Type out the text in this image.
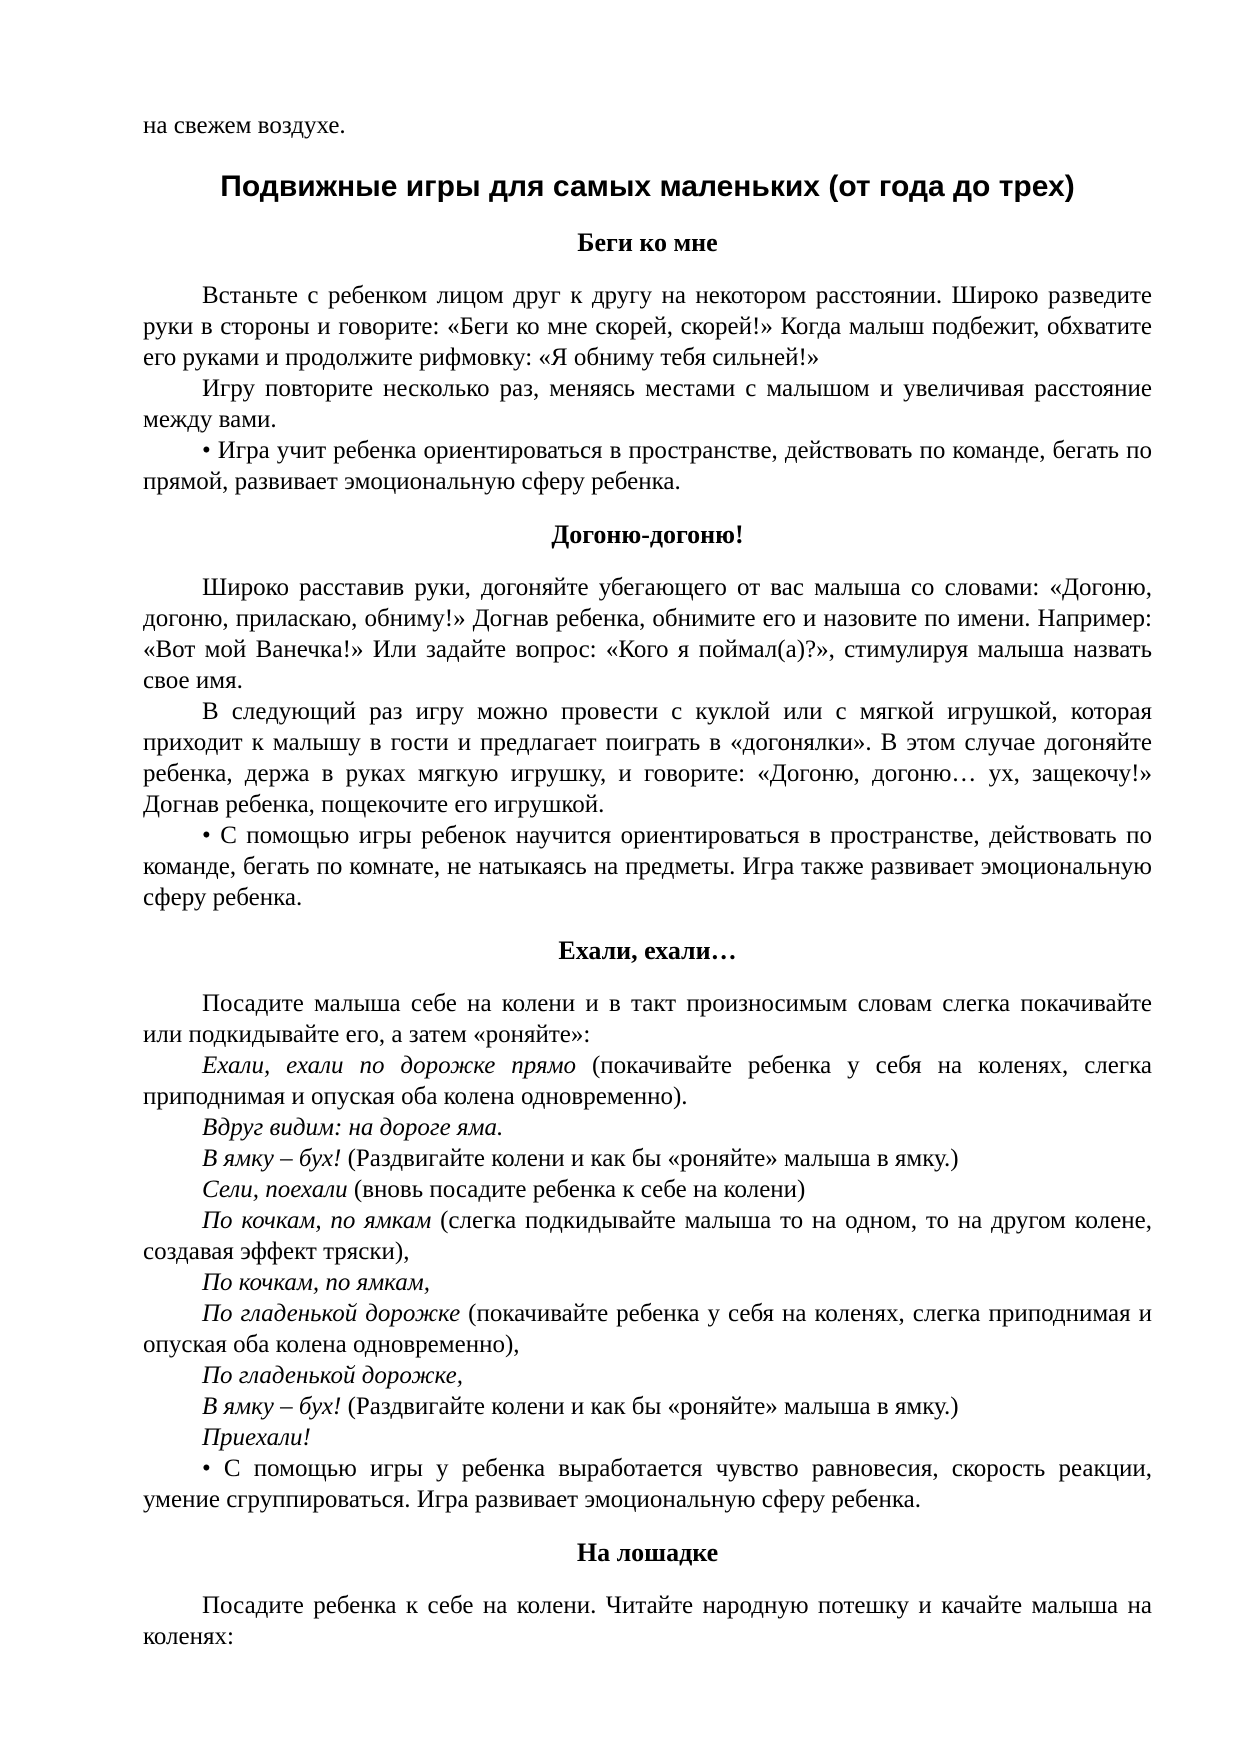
на свежем воздухе.

Подвижные игры для самых маленьких (от года до трех)
Беги ко мне

Встаньте с ребенком лицом друг к другу на некотором расстоянии. Широко разведите руки в стороны и говорите: «Беги ко мне скорей, скорей!» Когда малыш подбежит, обхватите его руками и продолжите рифмовку: «Я обниму тебя сильней!»

Игру повторите несколько раз, меняясь местами с малышом и увеличивая расстояние между вами.

• Игра учит ребенка ориентироваться в пространстве, действовать по команде, бегать по прямой, развивает эмоциональную сферу ребенка.

Догоню-догоню!

Широко расставив руки, догоняйте убегающего от вас малыша со словами: «Догоню, догоню, приласкаю, обниму!» Догнав ребенка, обнимите его и назовите по имени. Например: «Вот мой Ванечка!» Или задайте вопрос: «Кого я поймал(а)?», стимулируя малыша назвать свое имя.

В следующий раз игру можно провести с куклой или с мягкой игрушкой, которая приходит к малышу в гости и предлагает поиграть в «догонялки». В этом случае догоняйте ребенка, держа в руках мягкую игрушку, и говорите: «Догоню, догоню… ух, защекочу!» Догнав ребенка, пощекочите его игрушкой.

• С помощью игры ребенок научится ориентироваться в пространстве, действовать по команде, бегать по комнате, не натыкаясь на предметы. Игра также развивает эмоциональную сферу ребенка.

Ехали, ехали…

Посадите малыша себе на колени и в такт произносимым словам слегка покачивайте или подкидывайте его, а затем «роняйте»:

Ехали, ехали по дорожке прямо (покачивайте ребенка у себя на коленях, слегка приподнимая и опуская оба колена одновременно).

Вдруг видим: на дороге яма.

В ямку – бух! (Раздвигайте колени и как бы «роняйте» малыша в ямку.)

Сели, поехали (вновь посадите ребенка к себе на колени)

По кочкам, по ямкам (слегка подкидывайте малыша то на одном, то на другом колене, создавая эффект тряски),

По кочкам, по ямкам,

По гладенькой дорожке (покачивайте ребенка у себя на коленях, слегка приподнимая и опуская оба колена одновременно),

По гладенькой дорожке,

В ямку – бух! (Раздвигайте колени и как бы «роняйте» малыша в ямку.)

Приехали!

• С помощью игры у ребенка выработается чувство равновесия, скорость реакции, умение сгруппироваться. Игра развивает эмоциональную сферу ребенка.

На лошадке

Посадите ребенка к себе на колени. Читайте народную потешку и качайте малыша на коленях:
